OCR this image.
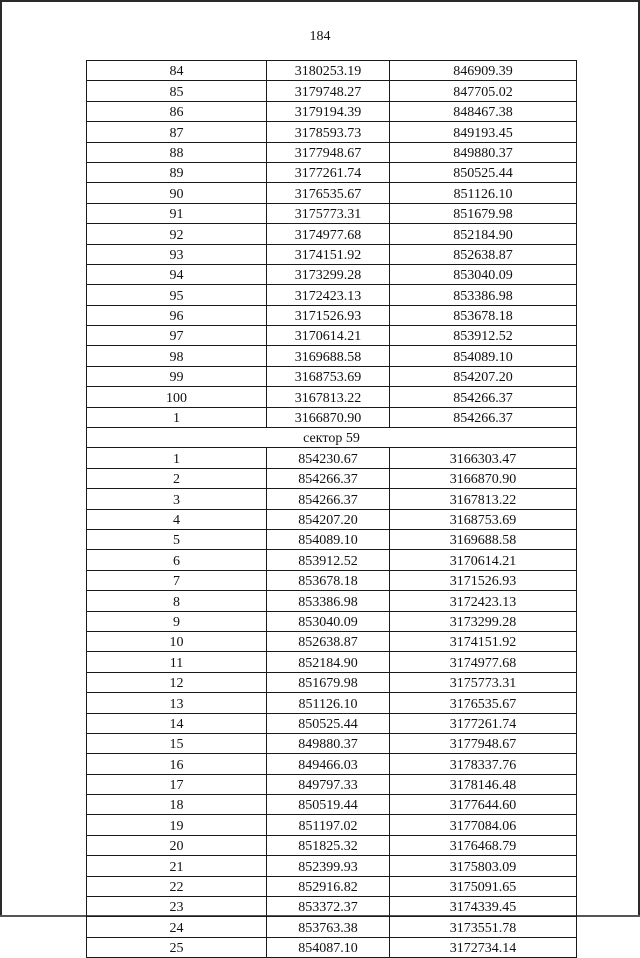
184
84	3180253.19	846909.39
85	3179748.27	847705.02
86	3179194.39	848467.38
87	3178593.73	849193.45
88	3177948.67	849880.37
89	3177261.74	850525.44
90	3176535.67	851126.10
91	3175773.31	851679.98
92	3174977.68	852184.90
93	3174151.92	852638.87
94	3173299.28	853040.09
95	3172423.13	853386.98
96	3171526.93	853678.18
97	3170614.21	853912.52
98	3169688.58	854089.10
99	3168753.69	854207.20
100	3167813.22	854266.37
1	3166870.90	854266.37
сектор 59		
1	854230.67	3166303.47
2	854266.37	3166870.90
3	854266.37	3167813.22
4	854207.20	3168753.69
5	854089.10	3169688.58
6	853912.52	3170614.21
7	853678.18	3171526.93
8	853386.98	3172423.13
9	853040.09	3173299.28
10	852638.87	3174151.92
11	852184.90	3174977.68
12	851679.98	3175773.31
13	851126.10	3176535.67
14	850525.44	3177261.74
15	849880.37	3177948.67
16	849466.03	3178337.76
17	849797.33	3178146.48
18	850519.44	3177644.60
19	851197.02	3177084.06
20	851825.32	3176468.79
21	852399.93	3175803.09
22	852916.82	3175091.65
23	853372.37	3174339.45
24	853763.38	3173551.78
25	854087.10	3172734.14
